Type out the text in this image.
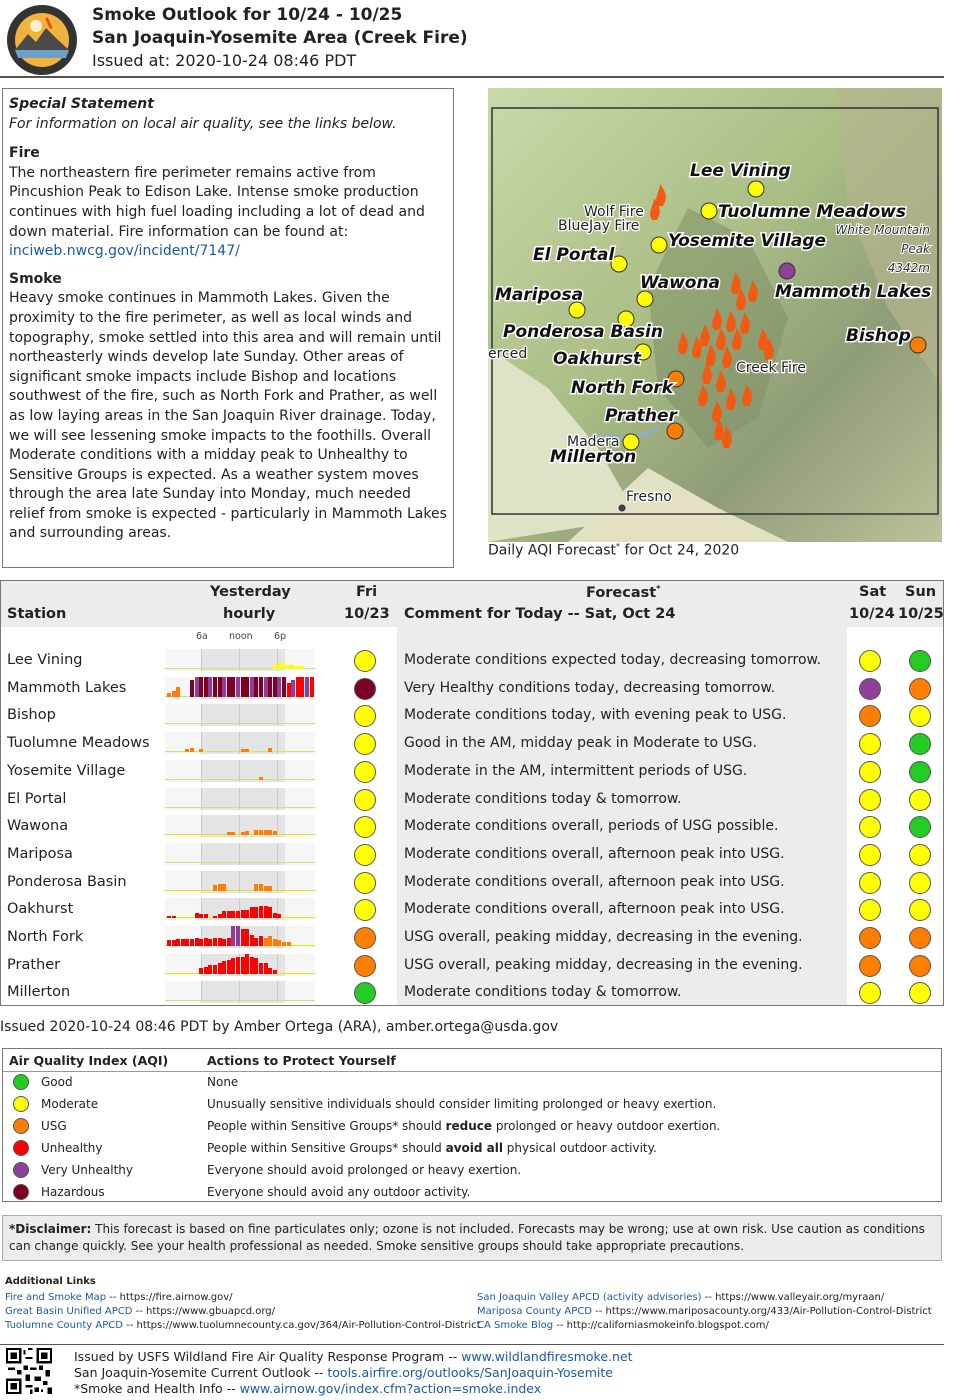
Smoke Outlook for 10/24 - 10/25
San Joaquin-Yosemite Area (Creek Fire)
Issued at: 2020-10-24 08:46 PDT
Special Statement
For information on local air quality, see the links below.
Fire

The northeastern fire perimeter remains active from Pincushion Peak to Edison Lake. Intense smoke production continues with high fuel loading including a lot of dead and down material. Fire information can be found at: inciweb.nwcg.gov/incident/7147/

Smoke

Heavy smoke continues in Mammoth Lakes. Given the proximity to the fire perimeter, as well as local winds and topography, smoke settled into this area and will remain until northeasterly winds develop late Sunday. Other areas of significant smoke impacts include Bishop and locations southwest of the fire, such as North Fork and Prather, as well as low laying areas in the San Joaquin River drainage. Today, we will see lessening smoke impacts to the foothills. Overall Moderate conditions with a midday peak to Unhealthy to Sensitive Groups is expected. As a weather system moves through the area late Sunday into Monday, much needed relief from smoke is expected - particularly in Mammoth Lakes and surrounding areas.

Lee Vining
Tuolumne Meadows
El Portal
Yosemite Village
Mariposa
Wawona	Mammoth Lakes
Ponderosa Basin	Bishop
Oakhurst
North Fork
Prather
Millerton
Wolf Fire
BlueJay Fire
erced
Creek Fire
Madera
Fresno
White Mountain
Peak
4342m
Daily AQI Forecast* for Oct 24, 2020
Station
Yesterday
hourly
Fri
10/23
Forecast*
Comment for Today -- Sat, Oct 24
Sat
10/24
Sun
10/25
6a noon 6p
Lee Vining	Moderate conditions expected today, decreasing tomorrow.
Mammoth Lakes	Very Healthy conditions today, decreasing tomorrow.
Bishop	Moderate conditions today, with evening peak to USG.
Tuolumne Meadows	Good in the AM, midday peak in Moderate to USG.
Yosemite Village	Moderate in the AM, intermittent periods of USG.
El Portal	Moderate conditions today & tomorrow.
Wawona	Moderate conditions overall, periods of USG possible.
Mariposa	Moderate conditions overall, afternoon peak into USG.
Ponderosa Basin	Moderate conditions overall, afternoon peak into USG.
Oakhurst	Moderate conditions overall, afternoon peak into USG.
North Fork	USG overall, peaking midday, decreasing in the evening.
Prather	USG overall, peaking midday, decreasing in the evening.
Millerton	Moderate conditions today & tomorrow.
Issued 2020-10-24 08:46 PDT by Amber Ortega (ARA), amber.ortega@usda.gov
Air Quality Index (AQI)	Actions to Protect Yourself
Good	None
Moderate	Unusually sensitive individuals should consider limiting prolonged or heavy exertion.
USG	People within Sensitive Groups* should reduce prolonged or heavy outdoor exertion.
Unhealthy	People within Sensitive Groups* should avoid all physical outdoor activity.
Very Unhealthy	Everyone should avoid prolonged or heavy exertion.
Hazardous	Everyone should avoid any outdoor activity.
*Disclaimer: This forecast is based on fine particulates only; ozone is not included. Forecasts may be wrong; use at own risk. Use caution as conditions can change quickly. See your health professional as needed. Smoke sensitive groups should take appropriate precautions.
Additional Links
Fire and Smoke Map -- https://fire.airnow.gov/
Great Basin Unified APCD -- https://www.gbuapcd.org/
Tuolumne County APCD -- https://www.tuolumnecounty.ca.gov/364/Air-Pollution-Control-District
San Joaquin Valley APCD (activity advisories) -- https://www.valleyair.org/myraan/
Mariposa County APCD -- https://www.mariposacounty.org/433/Air-Pollution-Control-District
CA Smoke Blog -- http://californiasmokeinfo.blogspot.com/
Issued by USFS Wildland Fire Air Quality Response Program -- www.wildlandfiresmoke.net
San Joaquin-Yosemite Current Outlook -- tools.airfire.org/outlooks/SanJoaquin-Yosemite
*Smoke and Health Info -- www.airnow.gov/index.cfm?action=smoke.index
